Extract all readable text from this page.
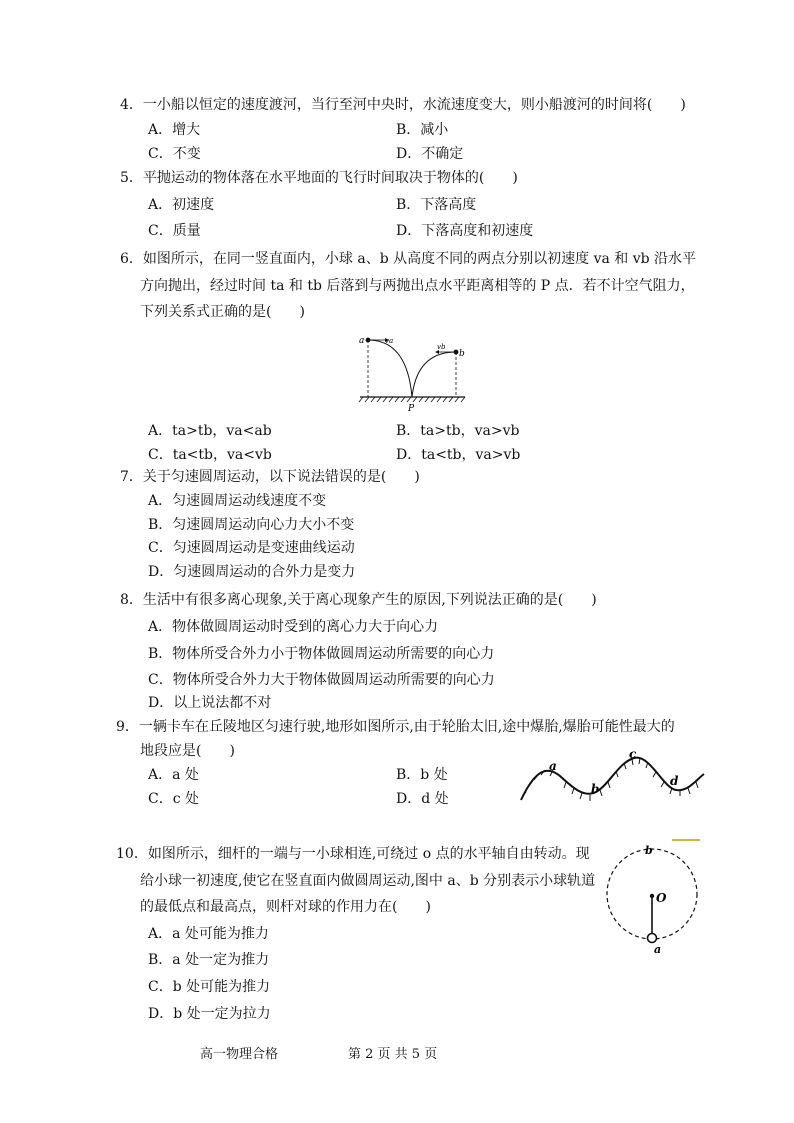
4．一小船以恒定的速度渡河，当行至河中央时，水流速度变大，则小船渡河的时间将(　　)
A．增大	B．减小
C．不变	D．不确定
5．平抛运动的物体落在水平地面的飞行时间取决于物体的(　　)
A．初速度	B．下落高度
C．质量	D．下落高度和初速度
6．如图所示，在同一竖直面内，小球 a、b 从高度不同的两点分别以初速度 va 和 vb 沿水平
方向抛出，经过时间 ta 和 tb 后落到与两抛出点水平距离相等的 P 点．若不计空气阻力，
下列关系式正确的是(　　)
a	va
vb
b
P
A．ta>tb，va<ab	B．ta>tb，va>vb
C．ta<tb，va<vb	D．ta<tb，va>vb
7．关于匀速圆周运动，以下说法错误的是(　　)
A．匀速圆周运动线速度不变
B．匀速圆周运动向心力大小不变
C．匀速圆周运动是变速曲线运动
D．匀速圆周运动的合外力是变力
8．生活中有很多离心现象,关于离心现象产生的原因,下列说法正确的是(　　)
A．物体做圆周运动时受到的离心力大于向心力
B．物体所受合外力小于物体做圆周运动所需要的向心力
C．物体所受合外力大于物体做圆周运动所需要的向心力
D．以上说法都不对
9．一辆卡车在丘陵地区匀速行驶,地形如图所示,由于轮胎太旧,途中爆胎,爆胎可能性最大的
地段应是(　　)
A．a 处	B．b 处
C．c 处	D．d 处
a
b
c
d
10．如图所示，细杆的一端与一小球相连,可绕过 o 点的水平轴自由转动。现
给小球一初速度,使它在竖直面内做圆周运动,图中 a、b 分别表示小球轨道
的最低点和最高点，则杆对球的作用力在(　　)
b
O
a
A．a 处可能为推力
B．a 处一定为推力
C．b 处可能为推力
D．b 处一定为拉力
高一物理合格	第 2 页 共 5 页
